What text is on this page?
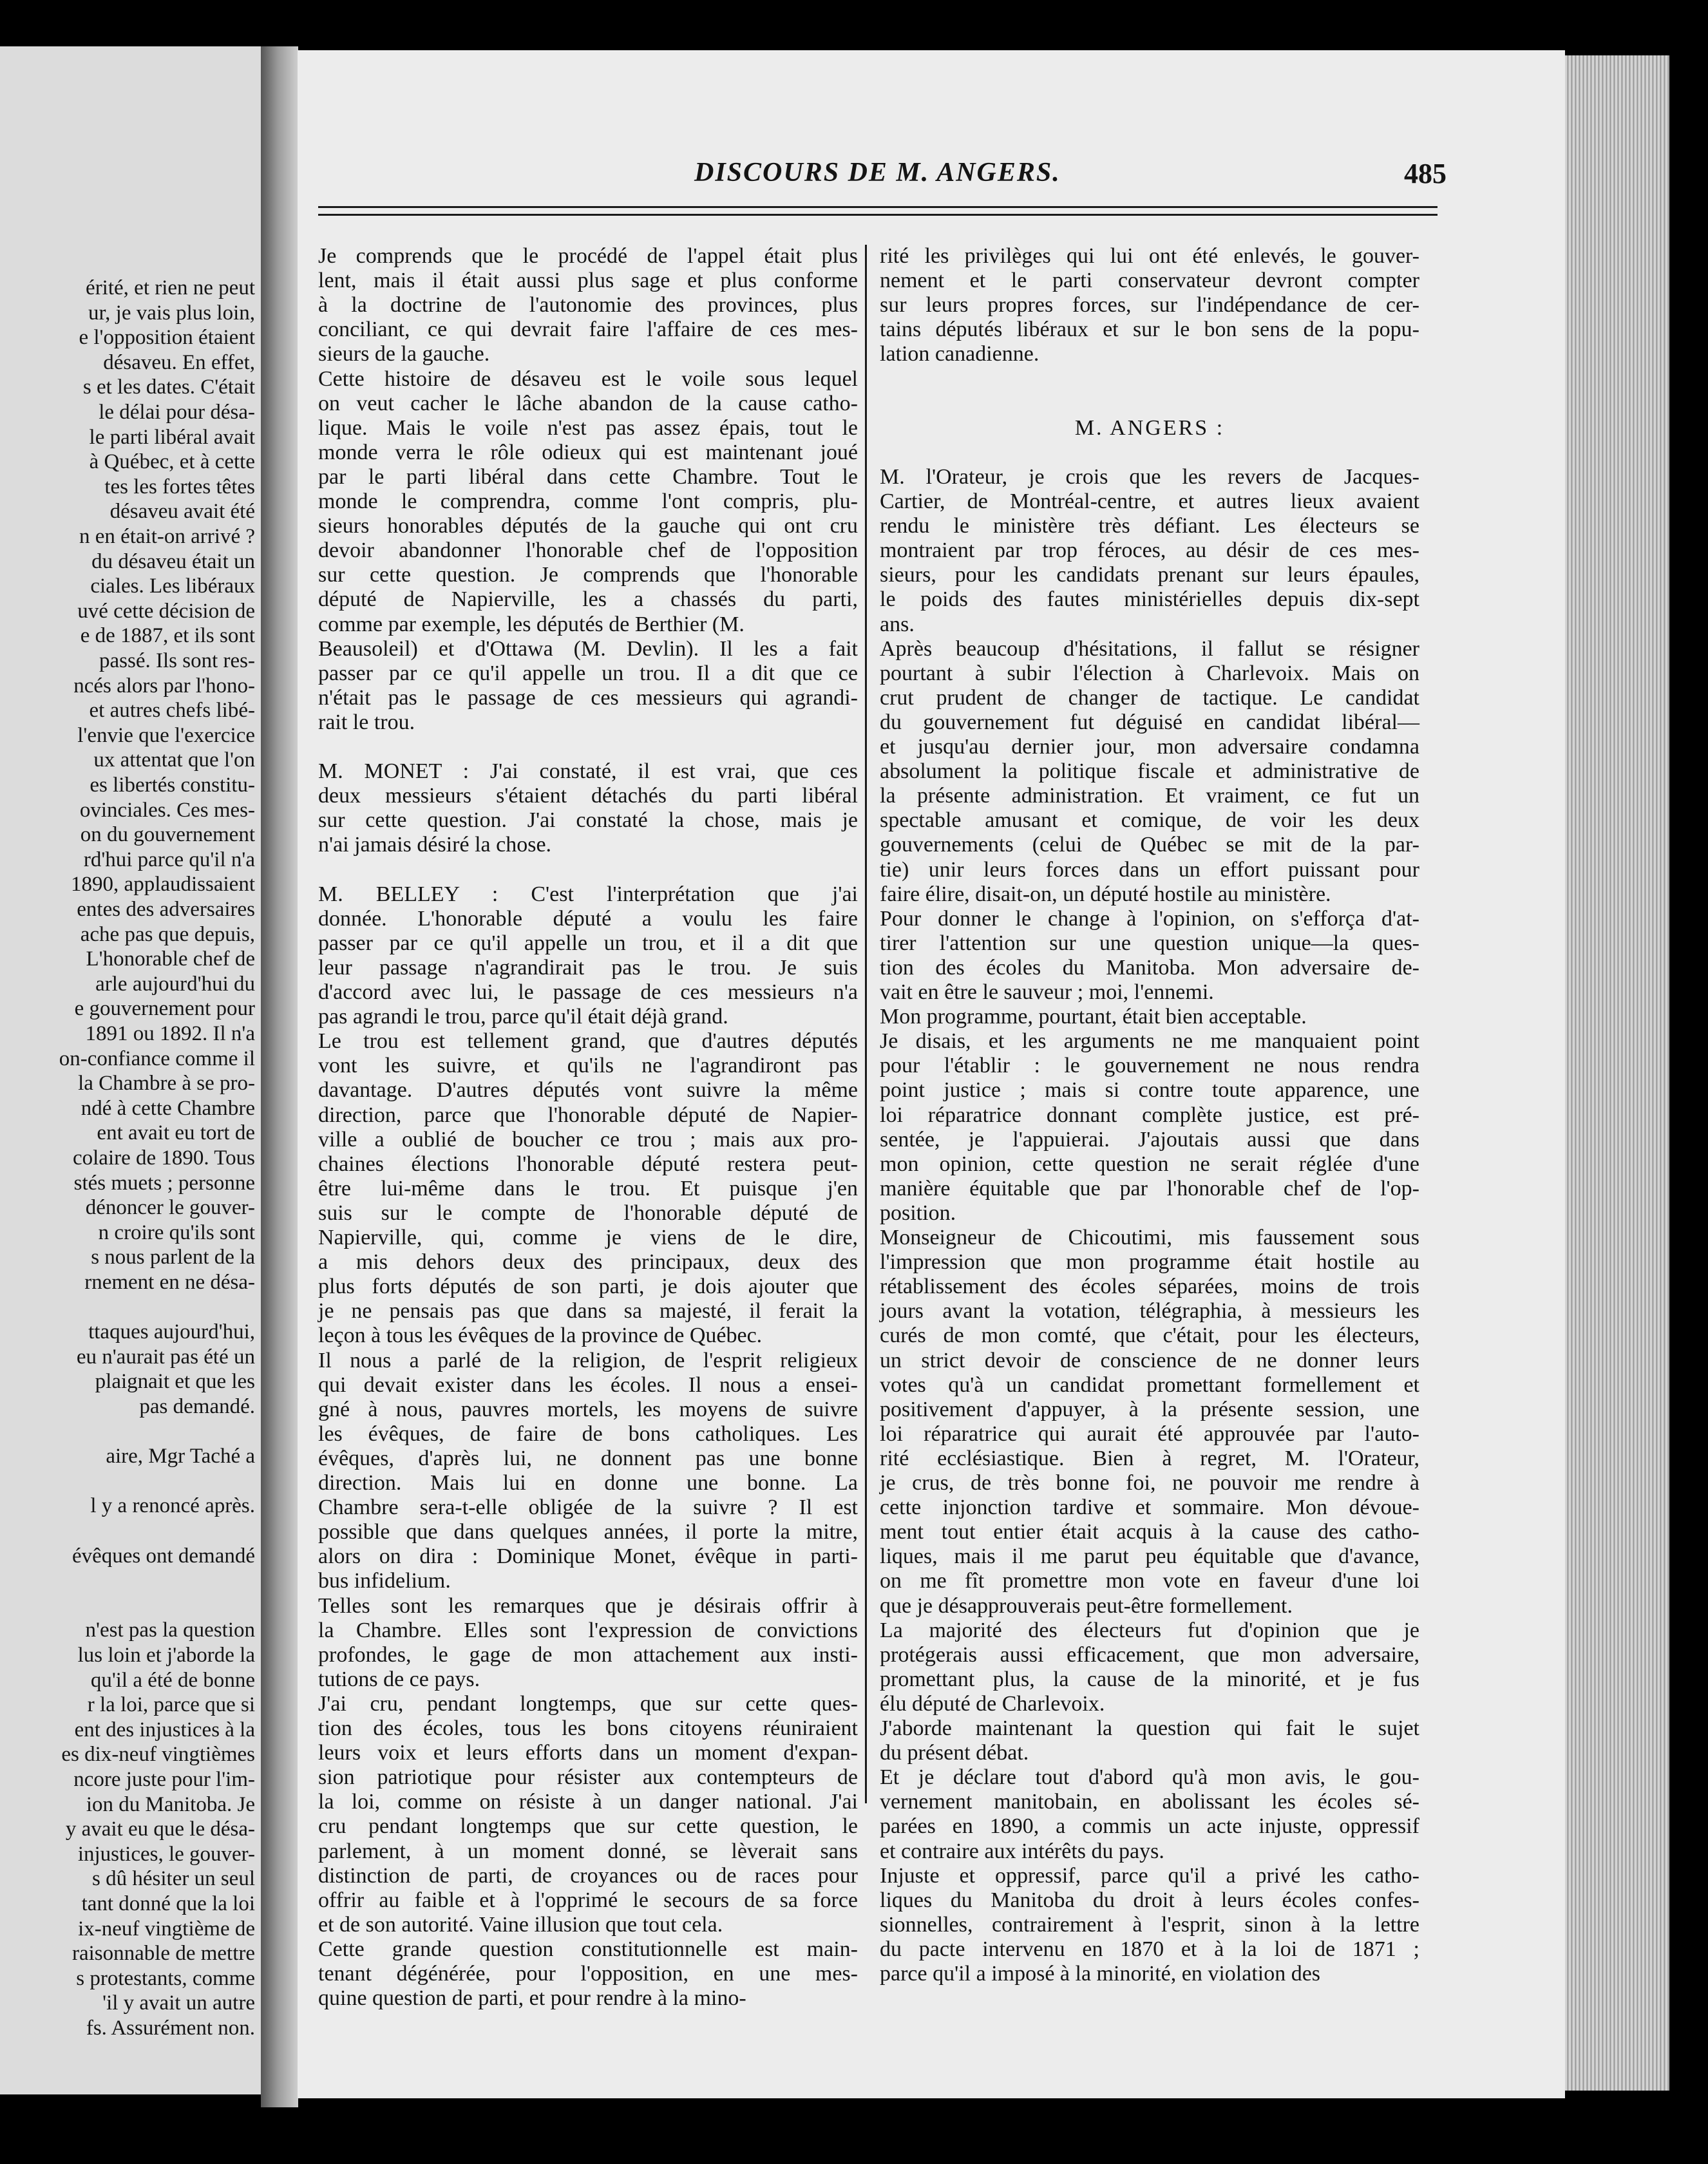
érité, et rien ne peut
ur, je vais plus loin,
e l'opposition étaient
désaveu. En effet,
s et les dates. C'était
le délai pour désa-
le parti libéral avait
à Québec, et à cette
tes les fortes têtes
désaveu avait été
n en était-on arrivé ?
du désaveu était un
ciales. Les libéraux
uvé cette décision de
e de 1887, et ils sont
passé. Ils sont res-
ncés alors par l'hono-
et autres chefs libé-
l'envie que l'exercice
ux attentat que l'on
es libertés constitu-
ovinciales. Ces mes-
on du gouvernement
rd'hui parce qu'il n'a
1890, applaudissaient
entes des adversaires
ache pas que depuis,
L'honorable chef de
arle aujourd'hui du
e gouvernement pour
1891 ou 1892. Il n'a
on-confiance comme il
la Chambre à se pro-
ndé à cette Chambre
ent avait eu tort de
colaire de 1890. Tous
stés muets ; personne
dénoncer le gouver-
n croire qu'ils sont
s nous parlent de la
rnement en ne désa-
ttaques aujourd'hui,
eu n'aurait pas été un
plaignait et que les
pas demandé.
aire, Mgr Taché a
l y a renoncé après.
évêques ont demandé
n'est pas la question
lus loin et j'aborde la
qu'il a été de bonne
r la loi, parce que si
ent des injustices à la
es dix-neuf vingtièmes
ncore juste pour l'im-
ion du Manitoba. Je
y avait eu que le désa-
injustices, le gouver-
s dû hésiter un seul
tant donné que la loi
ix-neuf vingtième de
raisonnable de mettre
s protestants, comme
'il y avait un autre
fs. Assurément non.
DISCOURS DE M. ANGERS.	485
Je comprends que le procédé de l'appel était plus
lent, mais il était aussi plus sage et plus conforme
à la doctrine de l'autonomie des provinces, plus
conciliant, ce qui devrait faire l'affaire de ces mes-
sieurs de la gauche.
Cette histoire de désaveu est le voile sous lequel
on veut cacher le lâche abandon de la cause catho-
lique. Mais le voile n'est pas assez épais, tout le
monde verra le rôle odieux qui est maintenant joué
par le parti libéral dans cette Chambre. Tout le
monde le comprendra, comme l'ont compris, plu-
sieurs honorables députés de la gauche qui ont cru
devoir abandonner l'honorable chef de l'opposition
sur cette question. Je comprends que l'honorable
député de Napierville, les a chassés du parti,
comme par exemple, les députés de Berthier (M.
Beausoleil) et d'Ottawa (M. Devlin). Il les a fait
passer par ce qu'il appelle un trou. Il a dit que ce
n'était pas le passage de ces messieurs qui agrandi-
rait le trou.
M. MONET : J'ai constaté, il est vrai, que ces
deux messieurs s'étaient détachés du parti libéral
sur cette question. J'ai constaté la chose, mais je
n'ai jamais désiré la chose.
M. BELLEY : C'est l'interprétation que j'ai
donnée. L'honorable député a voulu les faire
passer par ce qu'il appelle un trou, et il a dit que
leur passage n'agrandirait pas le trou. Je suis
d'accord avec lui, le passage de ces messieurs n'a
pas agrandi le trou, parce qu'il était déjà grand.
Le trou est tellement grand, que d'autres députés
vont les suivre, et qu'ils ne l'agrandiront pas
davantage. D'autres députés vont suivre la même
direction, parce que l'honorable député de Napier-
ville a oublié de boucher ce trou ; mais aux pro-
chaines élections l'honorable député restera peut-
être lui-même dans le trou. Et puisque j'en
suis sur le compte de l'honorable député de
Napierville, qui, comme je viens de le dire,
a mis dehors deux des principaux, deux des
plus forts députés de son parti, je dois ajouter que
je ne pensais pas que dans sa majesté, il ferait la
leçon à tous les évêques de la province de Québec.
Il nous a parlé de la religion, de l'esprit religieux
qui devait exister dans les écoles. Il nous a ensei-
gné à nous, pauvres mortels, les moyens de suivre
les évêques, de faire de bons catholiques. Les
évêques, d'après lui, ne donnent pas une bonne
direction. Mais lui en donne une bonne. La
Chambre sera-t-elle obligée de la suivre ? Il est
possible que dans quelques années, il porte la mitre,
alors on dira : Dominique Monet, évêque in parti-
bus infidelium.
Telles sont les remarques que je désirais offrir à
la Chambre. Elles sont l'expression de convictions
profondes, le gage de mon attachement aux insti-
tutions de ce pays.
J'ai cru, pendant longtemps, que sur cette ques-
tion des écoles, tous les bons citoyens réuniraient
leurs voix et leurs efforts dans un moment d'expan-
sion patriotique pour résister aux contempteurs de
la loi, comme on résiste à un danger national. J'ai
cru pendant longtemps que sur cette question, le
parlement, à un moment donné, se lèverait sans
distinction de parti, de croyances ou de races pour
offrir au faible et à l'opprimé le secours de sa force
et de son autorité. Vaine illusion que tout cela.
Cette grande question constitutionnelle est main-
tenant dégénérée, pour l'opposition, en une mes-
quine question de parti, et pour rendre à la mino-
rité les privilèges qui lui ont été enlevés, le gouver-
nement et le parti conservateur devront compter
sur leurs propres forces, sur l'indépendance de cer-
tains députés libéraux et sur le bon sens de la popu-
lation canadienne.
M. ANGERS :
M. l'Orateur, je crois que les revers de Jacques-
Cartier, de Montréal-centre, et autres lieux avaient
rendu le ministère très défiant. Les électeurs se
montraient par trop féroces, au désir de ces mes-
sieurs, pour les candidats prenant sur leurs épaules,
le poids des fautes ministérielles depuis dix-sept
ans.
Après beaucoup d'hésitations, il fallut se résigner
pourtant à subir l'élection à Charlevoix. Mais on
crut prudent de changer de tactique. Le candidat
du gouvernement fut déguisé en candidat libéral—
et jusqu'au dernier jour, mon adversaire condamna
absolument la politique fiscale et administrative de
la présente administration. Et vraiment, ce fut un
spectable amusant et comique, de voir les deux
gouvernements (celui de Québec se mit de la par-
tie) unir leurs forces dans un effort puissant pour
faire élire, disait-on, un député hostile au ministère.
Pour donner le change à l'opinion, on s'efforça d'at-
tirer l'attention sur une question unique—la ques-
tion des écoles du Manitoba. Mon adversaire de-
vait en être le sauveur ; moi, l'ennemi.
Mon programme, pourtant, était bien acceptable.
Je disais, et les arguments ne me manquaient point
pour l'établir : le gouvernement ne nous rendra
point justice ; mais si contre toute apparence, une
loi réparatrice donnant complète justice, est pré-
sentée, je l'appuierai. J'ajoutais aussi que dans
mon opinion, cette question ne serait réglée d'une
manière équitable que par l'honorable chef de l'op-
position.
Monseigneur de Chicoutimi, mis faussement sous
l'impression que mon programme était hostile au
rétablissement des écoles séparées, moins de trois
jours avant la votation, télégraphia, à messieurs les
curés de mon comté, que c'était, pour les électeurs,
un strict devoir de conscience de ne donner leurs
votes qu'à un candidat promettant formellement et
positivement d'appuyer, à la présente session, une
loi réparatrice qui aurait été approuvée par l'auto-
rité ecclésiastique. Bien à regret, M. l'Orateur,
je crus, de très bonne foi, ne pouvoir me rendre à
cette injonction tardive et sommaire. Mon dévoue-
ment tout entier était acquis à la cause des catho-
liques, mais il me parut peu équitable que d'avance,
on me fît promettre mon vote en faveur d'une loi
que je désapprouverais peut-être formellement.
La majorité des électeurs fut d'opinion que je
protégerais aussi efficacement, que mon adversaire,
promettant plus, la cause de la minorité, et je fus
élu député de Charlevoix.
J'aborde maintenant la question qui fait le sujet
du présent débat.
Et je déclare tout d'abord qu'à mon avis, le gou-
vernement manitobain, en abolissant les écoles sé-
parées en 1890, a commis un acte injuste, oppressif
et contraire aux intérêts du pays.
Injuste et oppressif, parce qu'il a privé les catho-
liques du Manitoba du droit à leurs écoles confes-
sionnelles, contrairement à l'esprit, sinon à la lettre
du pacte intervenu en 1870 et à la loi de 1871 ;
parce qu'il a imposé à la minorité, en violation des
